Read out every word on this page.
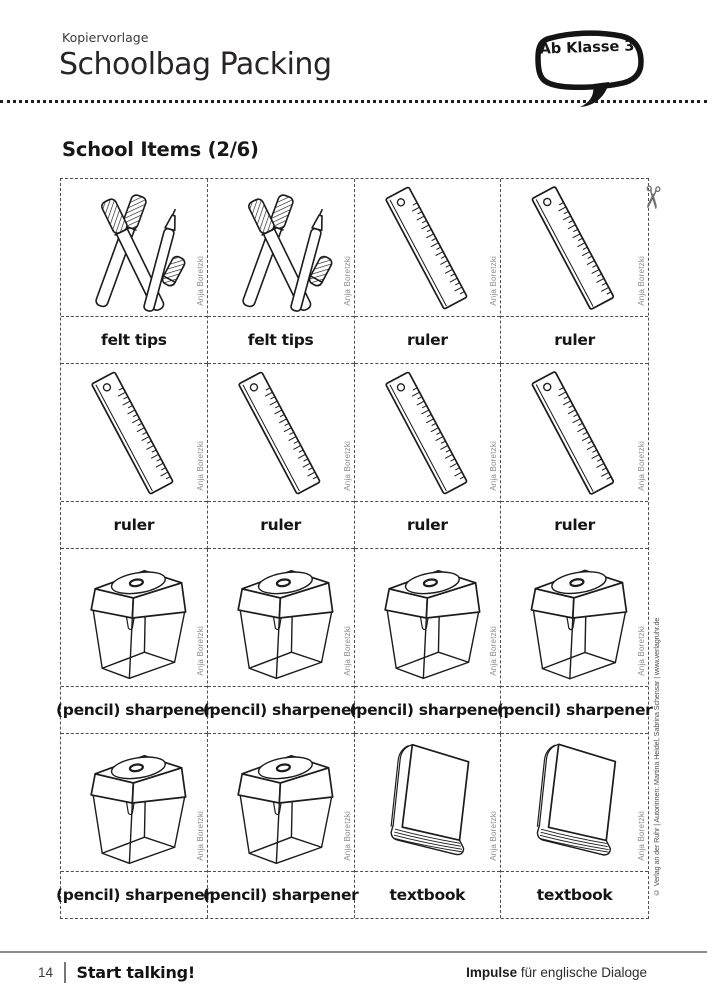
Kopiervorlage
Schoolbag Packing	Ab Klasse 3
School Items (2/6)
Anja Boretzki
felt tips
Anja Boretzki
felt tips
Anja Boretzki
ruler
Anja Boretzki
ruler
Anja Boretzki
ruler
Anja Boretzki
ruler
Anja Boretzki
ruler
Anja Boretzki
ruler
Anja Boretzki
(pencil) sharpener
Anja Boretzki
(pencil) sharpener
Anja Boretzki
(pencil) sharpener
Anja Boretzki
(pencil) sharpener
Anja Boretzki
(pencil) sharpener
Anja Boretzki
(pencil) sharpener
Anja Boretzki
textbook
Anja Boretzki
textbook
✂
© Verlag an der Ruhr | Autorinnen: Martina Heidel, Sabrina Schensar | www.verlagruhr.de
14 Start talking!	Impulse für englische Dialoge
